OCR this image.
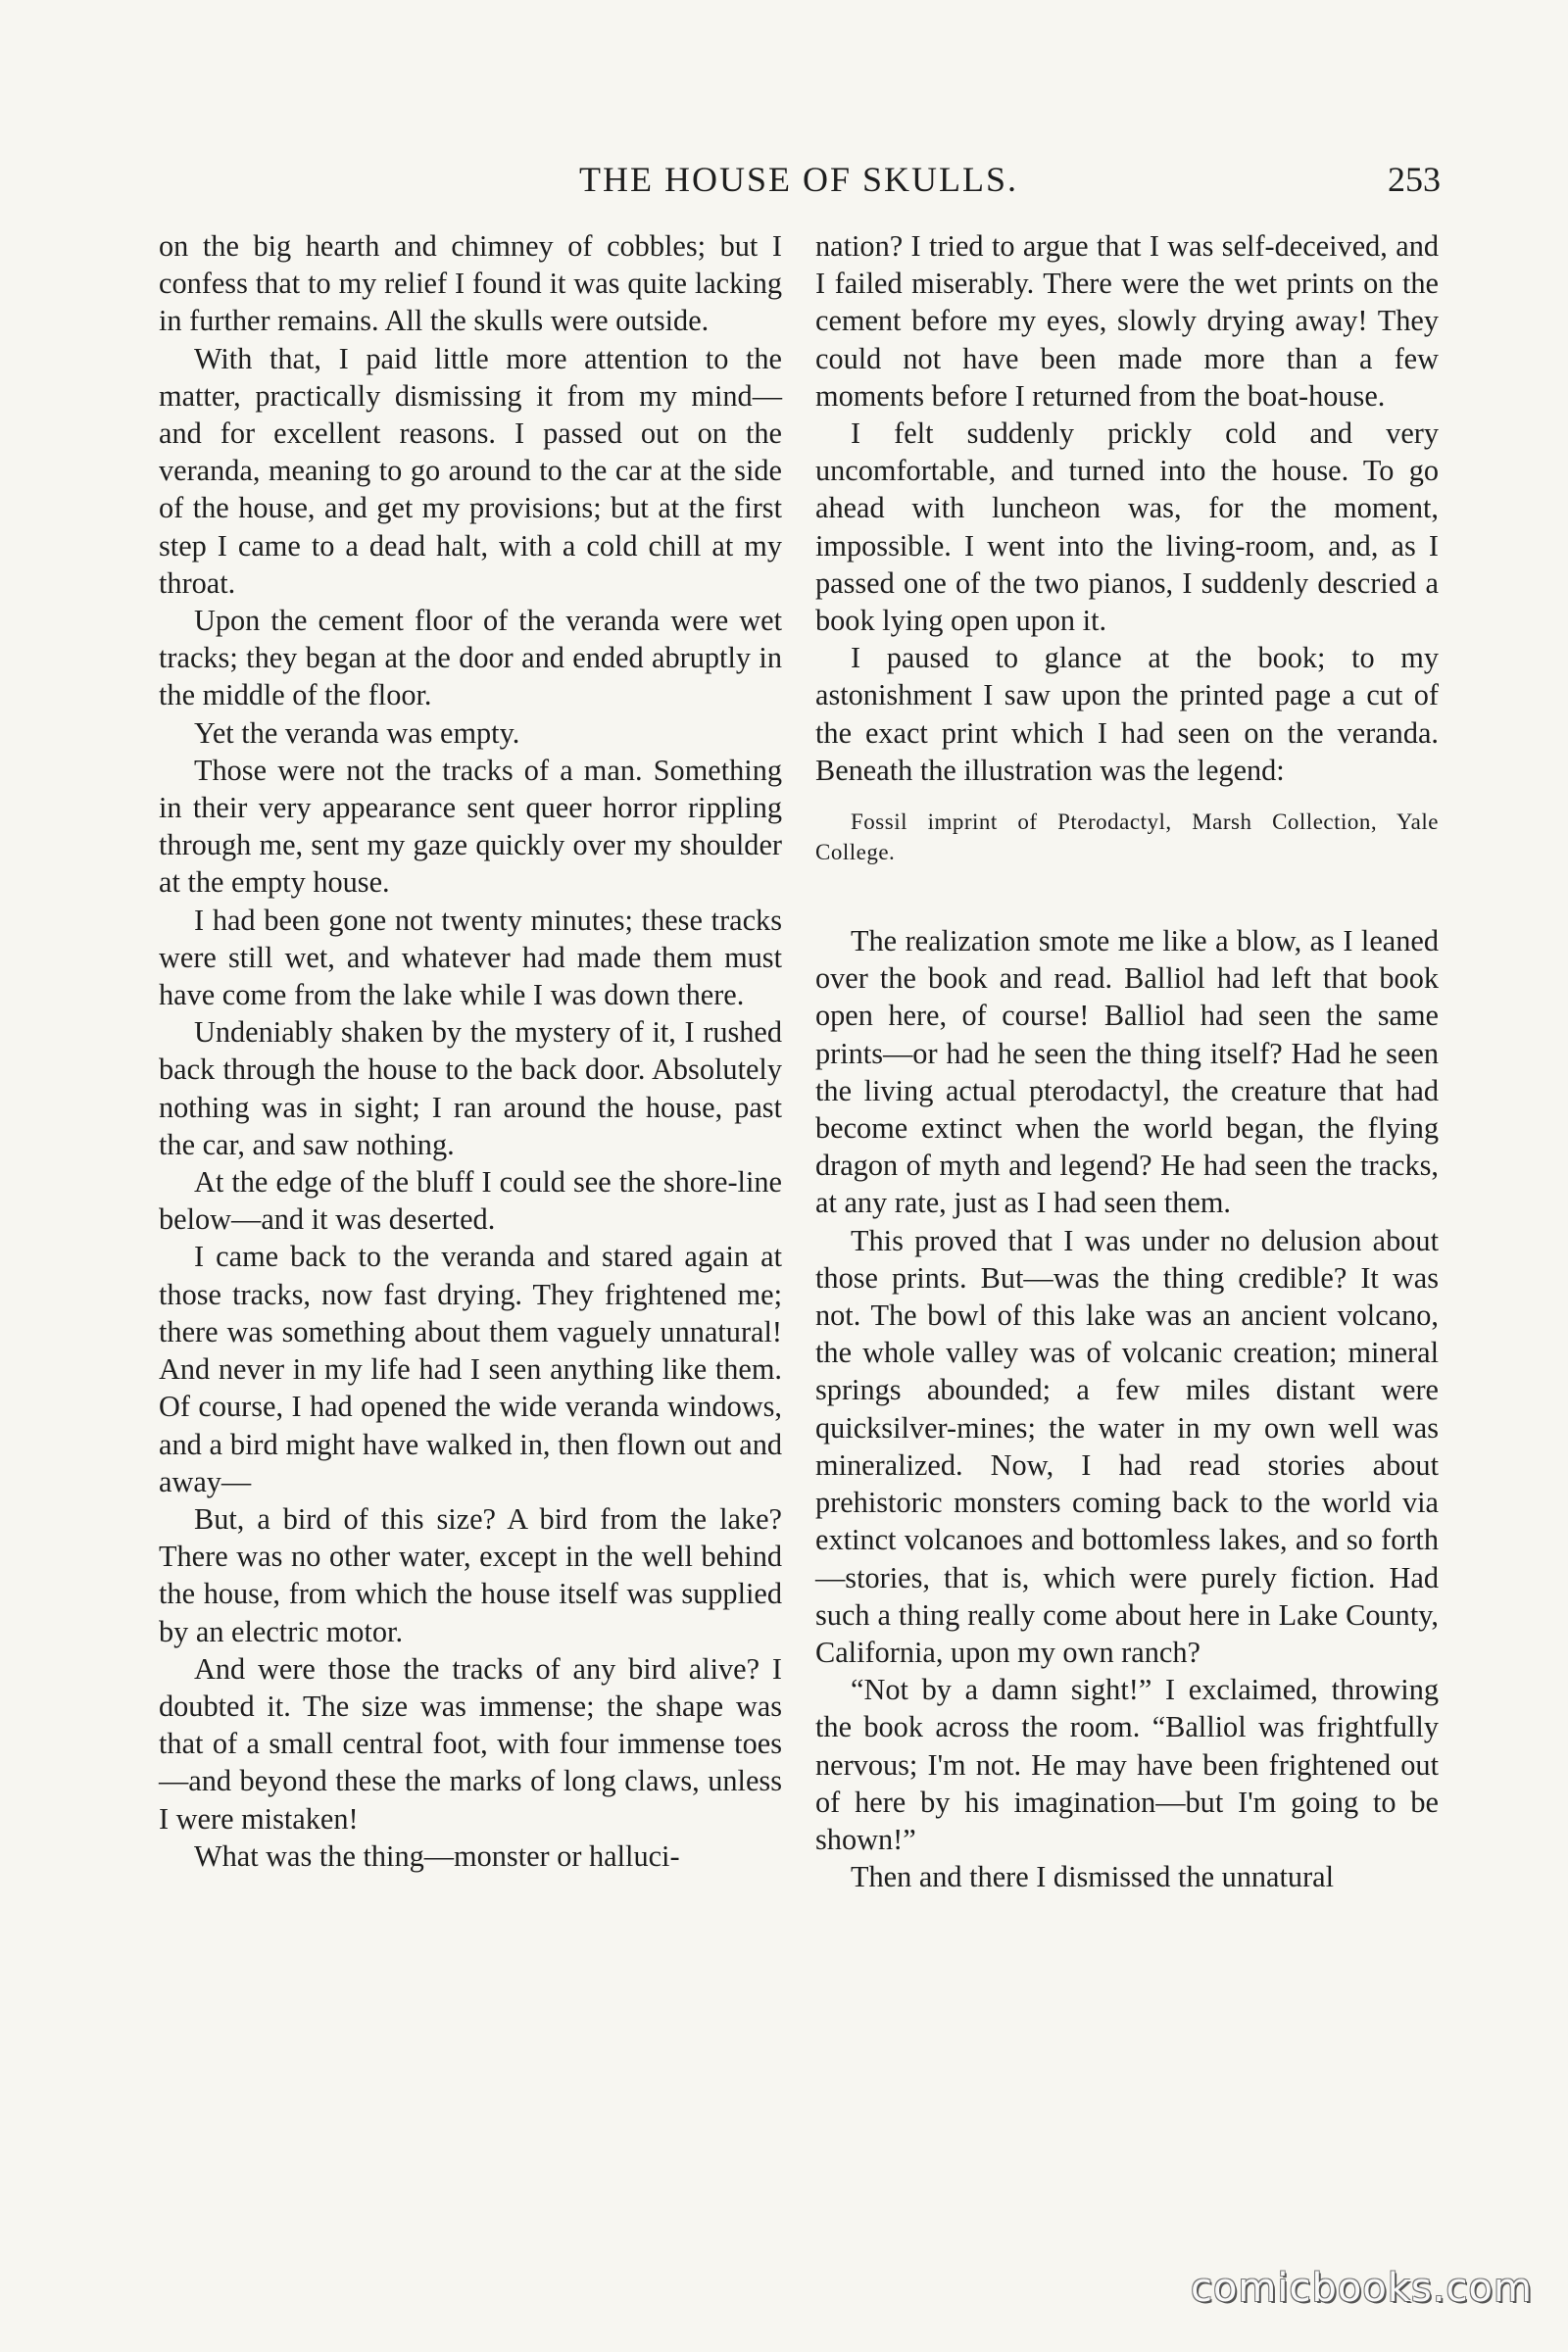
THE HOUSE OF SKULLS.	253

on the big hearth and chimney of cobbles; but I confess that to my relief I found it was quite lacking in further remains. All the skulls were outside.

With that, I paid little more attention to the matter, practically dismissing it from my mind—and for excellent reasons. I passed out on the veranda, meaning to go around to the car at the side of the house, and get my provisions; but at the first step I came to a dead halt, with a cold chill at my throat.

Upon the cement floor of the veranda were wet tracks; they began at the door and ended abruptly in the middle of the floor.

Yet the veranda was empty.

Those were not the tracks of a man. Something in their very appearance sent queer horror rippling through me, sent my gaze quickly over my shoulder at the empty house.

I had been gone not twenty minutes; these tracks were still wet, and whatever had made them must have come from the lake while I was down there.

Undeniably shaken by the mystery of it, I rushed back through the house to the back door. Absolutely nothing was in sight; I ran around the house, past the car, and saw nothing.

At the edge of the bluff I could see the shore-line below—and it was deserted.

I came back to the veranda and stared again at those tracks, now fast drying. They frightened me; there was something about them vaguely unnatural! And never in my life had I seen anything like them. Of course, I had opened the wide veranda windows, and a bird might have walked in, then flown out and away—

But, a bird of this size? A bird from the lake? There was no other water, except in the well behind the house, from which the house itself was supplied by an electric motor.

And were those the tracks of any bird alive? I doubted it. The size was immense; the shape was that of a small central foot, with four immense toes—and beyond these the marks of long claws, unless I were mistaken!

What was the thing—monster or halluci-

nation? I tried to argue that I was self-deceived, and I failed miserably. There were the wet prints on the cement before my eyes, slowly drying away! They could not have been made more than a few moments before I returned from the boat-house.

I felt suddenly prickly cold and very uncomfortable, and turned into the house. To go ahead with luncheon was, for the moment, impossible. I went into the living-room, and, as I passed one of the two pianos, I suddenly descried a book lying open upon it.

I paused to glance at the book; to my astonishment I saw upon the printed page a cut of the exact print which I had seen on the veranda. Beneath the illustration was the legend:

Fossil imprint of Pterodactyl, Marsh Collection, Yale College.

The realization smote me like a blow, as I leaned over the book and read. Balliol had left that book open here, of course! Balliol had seen the same prints—or had he seen the thing itself? Had he seen the living actual pterodactyl, the creature that had become extinct when the world began, the flying dragon of myth and legend? He had seen the tracks, at any rate, just as I had seen them.

This proved that I was under no delusion about those prints. But—was the thing credible? It was not. The bowl of this lake was an ancient volcano, the whole valley was of volcanic creation; mineral springs abounded; a few miles distant were quicksilver-mines; the water in my own well was mineralized. Now, I had read stories about prehistoric monsters coming back to the world via extinct volcanoes and bottomless lakes, and so forth—stories, that is, which were purely fiction. Had such a thing really come about here in Lake County, California, upon my own ranch?

“Not by a damn sight!” I exclaimed, throwing the book across the room. “Balliol was frightfully nervous; I'm not. He may have been frightened out of here by his imagination—but I'm going to be shown!”

Then and there I dismissed the unnatural

comicbooks.com
